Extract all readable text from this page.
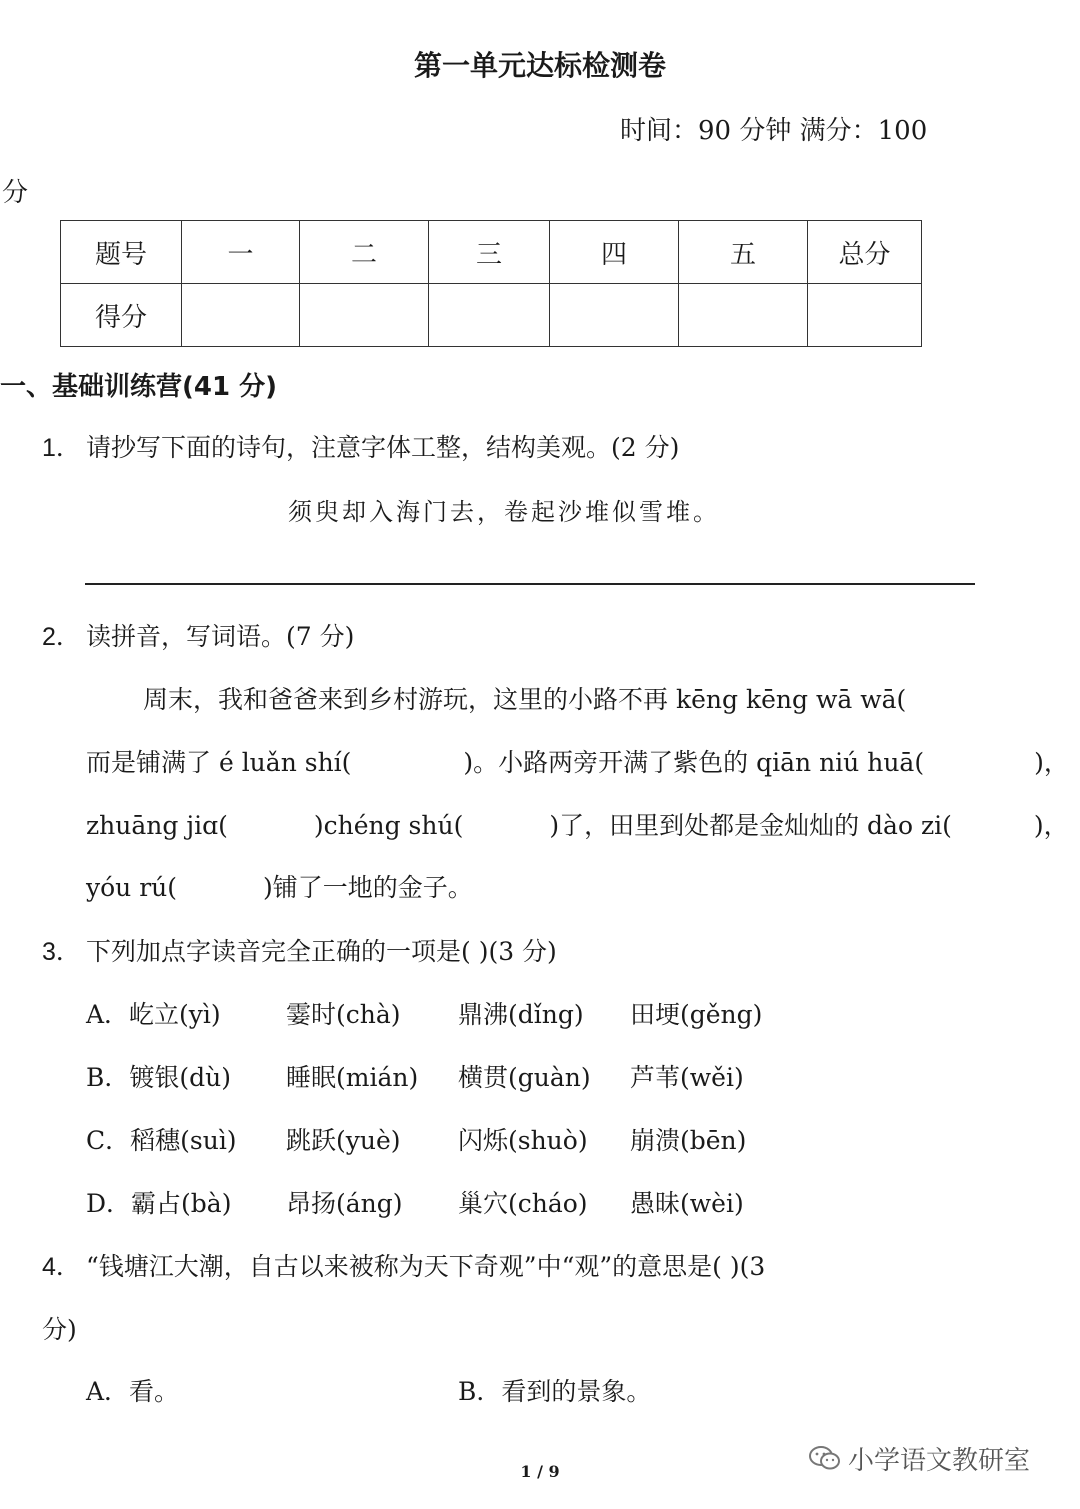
第一单元达标检测卷
时间：90 分钟 满分：100
分
题号	一	二	三	四	五	总分
得分						
一、基础训练营(41 分)
1． 请抄写下面的诗句，注意字体工整，结构美观。(2 分)
须臾却入海门去，卷起沙堆似雪堆。
2． 读拼音，写词语。(7 分)
周末，我和爸爸来到乡村游玩，这里的小路不再 kēng kēng wā wā(
而是铺满了 é luǎn shí(	)。小路两旁开满了紫色的 qiān niú huā(	)，
zhuāng jiɑ(	)chéng shú(	)了，田里到处都是金灿灿的 dào zi(	)，
yóu rú(	)铺了一地的金子。
3． 下列加点字读音完全正确的一项是( )(3 分)
A．屹立(yì)	霎时(chà) 鼎沸(dǐng) 田埂(gěng)
B．镀银(dù) 睡眠(mián) 横贯(guàn) 芦苇(wěi)
C．稻穗(suì) 跳跃(yuè) 闪烁(shuò) 崩溃(bēn)
D．霸占(bà) 昂扬(áng) 巢穴(cháo) 愚昧(wèi)
4． “钱塘江大潮，自古以来被称为天下奇观”中“观”的意思是( )(3
分)
A．看。	B．看到的景象。
1 / 9	小学语文教研室
